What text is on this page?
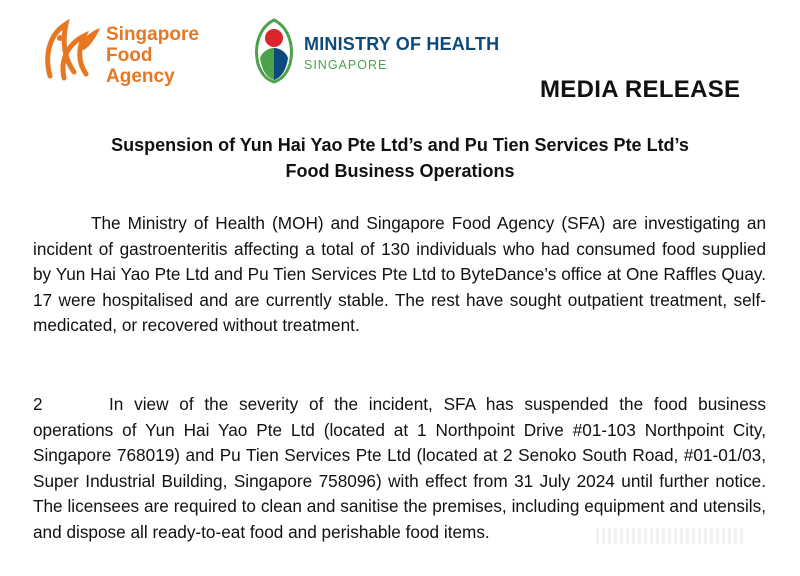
Singapore
Food
Agency
MINISTRY OF HEALTH
SINGAPORE
MEDIA RELEASE
Suspension of Yun Hai Yao Pte Ltd’s and Pu Tien Services Pte Ltd’s
Food Business Operations
The Ministry of Health (MOH) and Singapore Food Agency (SFA) are investigating an incident of gastroenteritis affecting a total of 130 individuals who had consumed food supplied by Yun Hai Yao Pte Ltd and Pu Tien Services Pte Ltd to ByteDance’s office at One Raffles Quay. 17 were hospitalised and are currently stable. The rest have sought outpatient treatment, self-medicated, or recovered without treatment.
2	In view of the severity of the incident, SFA has suspended the food business operations of Yun Hai Yao Pte Ltd (located at 1 Northpoint Drive #01-103 Northpoint City, Singapore 768019) and Pu Tien Services Pte Ltd (located at 2 Senoko South Road, #01-01/03, Super Industrial Building, Singapore 758096) with effect from 31 July 2024 until further notice. The licensees are required to clean and sanitise the premises, including equipment and utensils, and dispose all ready-to-eat food and perishable food items.
